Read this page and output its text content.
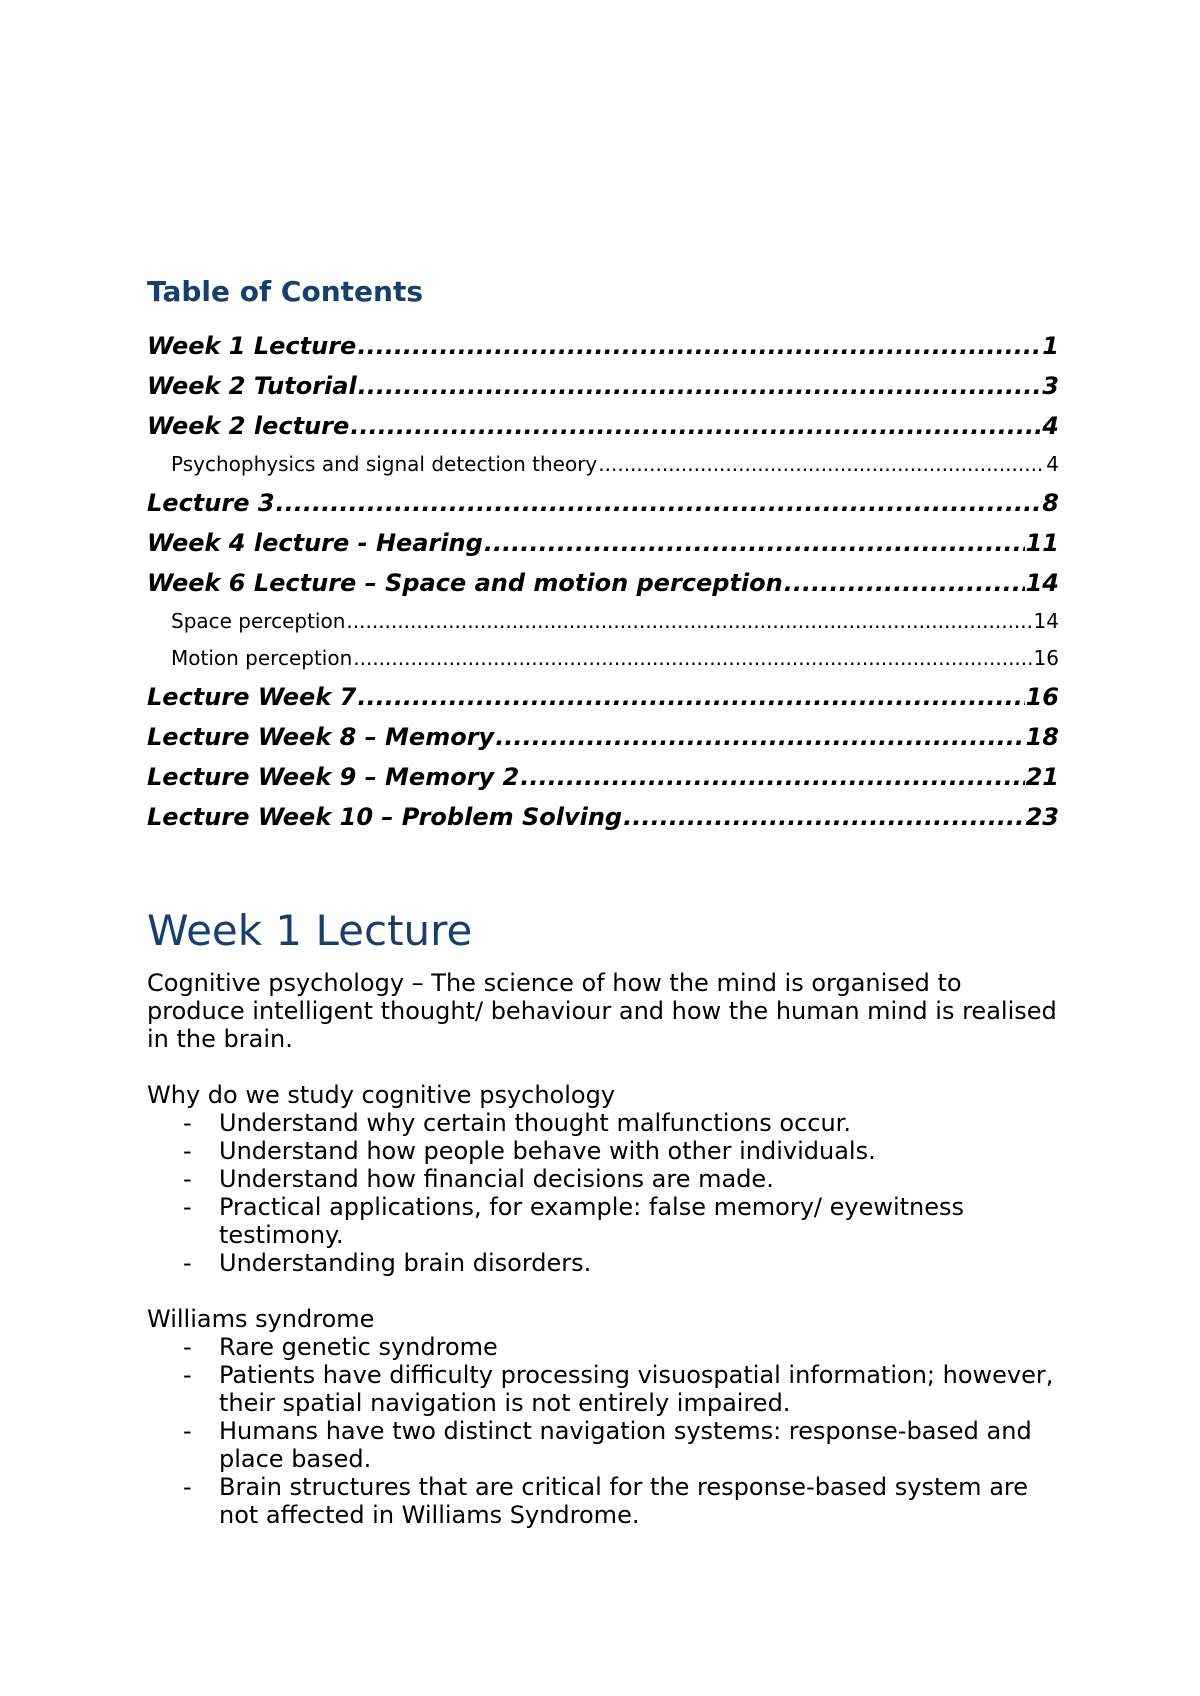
Table of Contents
Week 1 Lecture .....	1
Week 2 Tutorial .....	3
Week 2 lecture .....	4
Psychophysics and signal detection theory .....	4
Lecture 3 .....	8
Week 4 lecture - Hearing .....	11
Week 6 Lecture – Space and motion perception .....	14
Space perception .....	14
Motion perception .....	16
Lecture Week 7 .....	16
Lecture Week 8 – Memory .....	18
Lecture Week 9 – Memory 2 .....	21
Lecture Week 10 – Problem Solving .....	23
Week 1 Lecture

Cognitive psychology – The science of how the mind is organised to produce intelligent thought/ behaviour and how the human mind is realised in the brain.

Why do we study cognitive psychology

-	Understand why certain thought malfunctions occur.
-	Understand how people behave with other individuals.
-	Understand how financial decisions are made.
-	Practical applications, for example: false memory/ eyewitness testimony.
-	Understanding brain disorders.

Williams syndrome

-	Rare genetic syndrome
-	Patients have difficulty processing visuospatial information; however, their spatial navigation is not entirely impaired.
-	Humans have two distinct navigation systems: response-based and place based.
-	Brain structures that are critical for the response-based system are not affected in Williams Syndrome.
